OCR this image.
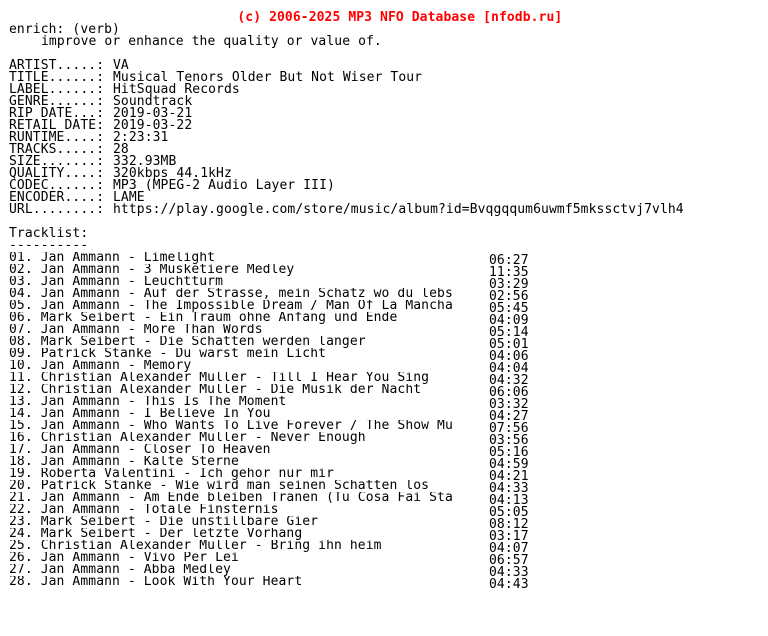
(c) 2006-2025 MP3 NFO Database [nfodb.ru]

enrich: (verb)
improve or enhance the quality or value of.
ARTIST.....: VA
TITLE......: Musical Tenors Older But Not Wiser Tour
LABEL......: HitSquad Records
GENRE......: Soundtrack
RIP DATE...: 2019-03-21
RETAIL DATE: 2019-03-22
RUNTIME....: 2:23:31
TRACKS.....: 28
SIZE.......: 332.93MB
QUALITY....: 320kbps 44.1kHz
CODEC......: MP3 (MPEG-2 Audio Layer III)
ENCODER....: LAME
URL........: https://play.google.com/store/music/album?id=Bvqgqqum6uwmf5mkssctvj7vlh4
Tracklist:
----------
01. Jan Ammann - Limelight	06:27
02. Jan Ammann - 3 Musketiere Medley	11:35
03. Jan Ammann - Leuchtturm	03:29
04. Jan Ammann - Auf der Strasse, mein Schatz wo du lebs	02:56
05. Jan Ammann - The Impossible Dream / Man Of La Mancha	05:45
06. Mark Seibert - Ein Traum ohne Anfang und Ende	04:09
07. Jan Ammann - More Than Words	05:14
08. Mark Seibert - Die Schatten werden langer	05:01
09. Patrick Stanke - Du warst mein Licht	04:06
10. Jan Ammann - Memory	04:04
11. Christian Alexander Muller - Till I Hear You Sing	04:32
12. Christian Alexander Muller - Die Musik der Nacht	06:06
13. Jan Ammann - This Is The Moment	03:32
14. Jan Ammann - I Believe In You	04:27
15. Jan Ammann - Who Wants To Live Forever / The Show Mu	07:56
16. Christian Alexander Muller - Never Enough	03:56
17. Jan Ammann - Closer To Heaven	05:16
18. Jan Ammann - Kalte Sterne	04:59
19. Roberta Valentini - Ich gehor nur mir	04:21
20. Patrick Stanke - Wie wird man seinen Schatten los	04:33
21. Jan Ammann - Am Ende bleiben Tranen (Tu Cosa Fai Sta	04:13
22. Jan Ammann - Totale Finsternis	05:05
23. Mark Seibert - Die unstillbare Gier	08:12
24. Mark Seibert - Der letzte Vorhang	03:17
25. Christian Alexander Muller - Bring ihn heim	04:07
26. Jan Ammann - Vivo Per Lei	06:57
27. Jan Ammann - Abba Medley	04:33
28. Jan Ammann - Look With Your Heart	04:43
